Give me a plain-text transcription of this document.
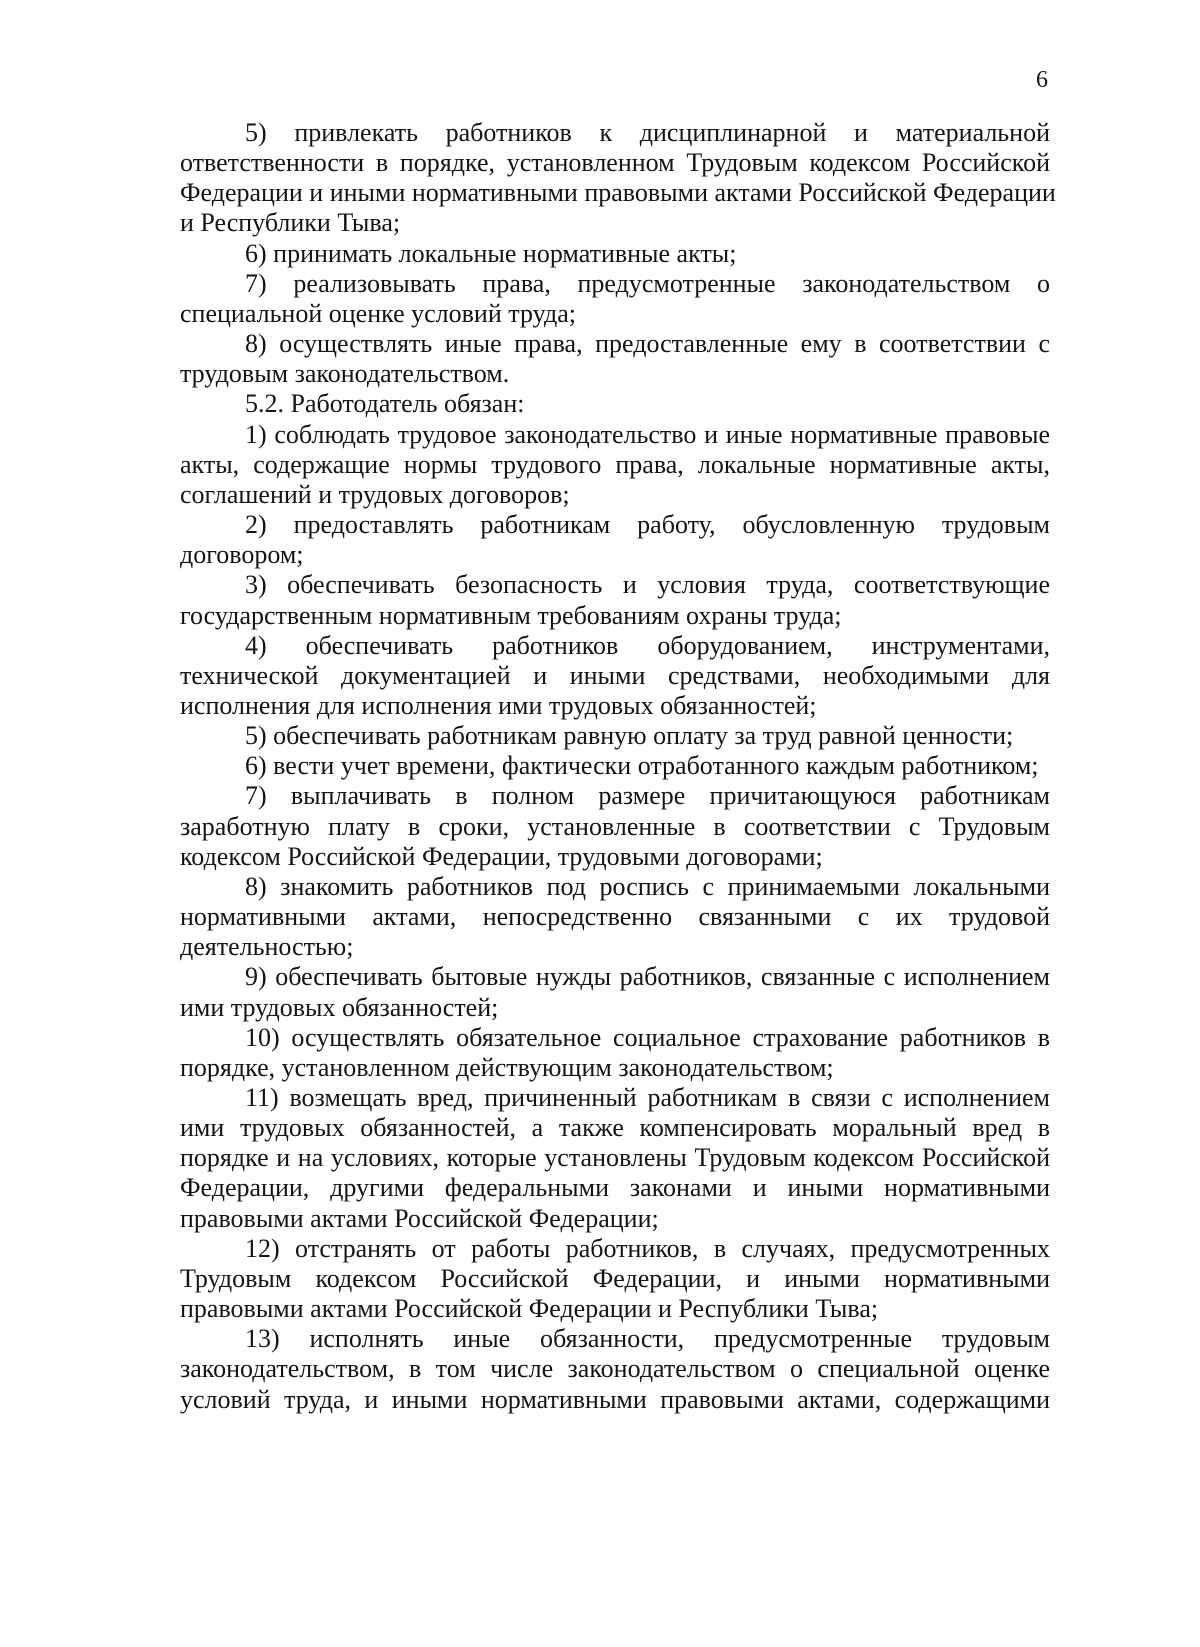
6
5) привлекать работников к дисциплинарной и материальной
ответственности в порядке, установленном Трудовым кодексом Российской
Федерации и иными нормативными правовыми актами Российской Федерации
и Республики Тыва;
6) принимать локальные нормативные акты;
7) реализовывать права, предусмотренные законодательством о
специальной оценке условий труда;
8) осуществлять иные права, предоставленные ему в соответствии с
трудовым законодательством.
5.2. Работодатель обязан:
1) соблюдать трудовое законодательство и иные нормативные правовые
акты, содержащие нормы трудового права, локальные нормативные акты,
соглашений и трудовых договоров;
2) предоставлять работникам работу, обусловленную трудовым
договором;
3) обеспечивать безопасность и условия труда, соответствующие
государственным нормативным требованиям охраны труда;
4) обеспечивать работников оборудованием, инструментами,
технической документацией и иными средствами, необходимыми для
исполнения для исполнения ими трудовых обязанностей;
5) обеспечивать работникам равную оплату за труд равной ценности;
6) вести учет времени, фактически отработанного каждым работником;
7) выплачивать в полном размере причитающуюся работникам
заработную плату в сроки, установленные в соответствии с Трудовым
кодексом Российской Федерации, трудовыми договорами;
8) знакомить работников под роспись с принимаемыми локальными
нормативными актами, непосредственно связанными с их трудовой
деятельностью;
9) обеспечивать бытовые нужды работников, связанные с исполнением
ими трудовых обязанностей;
10) осуществлять обязательное социальное страхование работников в
порядке, установленном действующим законодательством;
11) возмещать вред, причиненный работникам в связи с исполнением
ими трудовых обязанностей, а также компенсировать моральный вред в
порядке и на условиях, которые установлены Трудовым кодексом Российской
Федерации, другими федеральными законами и иными нормативными
правовыми актами Российской Федерации;
12) отстранять от работы работников, в случаях, предусмотренных
Трудовым кодексом Российской Федерации, и иными нормативными
правовыми актами Российской Федерации и Республики Тыва;
13) исполнять иные обязанности, предусмотренные трудовым
законодательством, в том числе законодательством о специальной оценке
условий труда, и иными нормативными правовыми актами, содержащими
